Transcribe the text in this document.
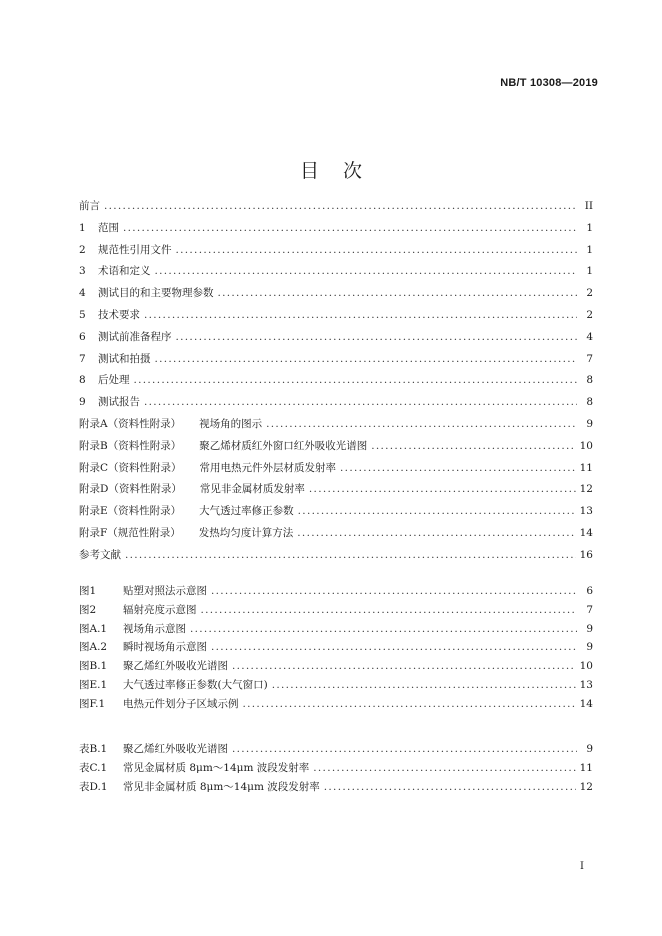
NB/T 10308—2019
目次
前言 .....	II
1	范围 .....	1
2	规范性引用文件 .....	1
3	术语和定义 .....	1
4	测试目的和主要物理参数 .....	2
5	技术要求 .....	2
6	测试前准备程序 .....	4
7	测试和拍摄 .....	7
8	后处理 .....	8
9	测试报告 .....	8
附录A（资料性附录） 视场角的图示 .....	9
附录B（资料性附录） 聚乙烯材质红外窗口红外吸收光谱图 .....	10
附录C（资料性附录） 常用电热元件外层材质发射率 .....	11
附录D（资料性附录） 常见非金属材质发射率 .....	12
附录E（资料性附录） 大气透过率修正参数 .....	13
附录F（规范性附录） 发热均匀度计算方法 .....	14
参考文献 .....	16
图1	贴塑对照法示意图 .....	6
图2	辐射亮度示意图 .....	7
图A.1	视场角示意图 .....	9
图A.2	瞬时视场角示意图 .....	9
图B.1	聚乙烯红外吸收光谱图 .....	10
图E.1	大气透过率修正参数(大气窗口) .....	13
图F.1	电热元件划分子区域示例 .....	14
表B.1	聚乙烯红外吸收光谱图 .....	9
表C.1	常见金属材质 8μm～14μm 波段发射率 .....	11
表D.1	常见非金属材质 8μm～14μm 波段发射率 .....	12
I
